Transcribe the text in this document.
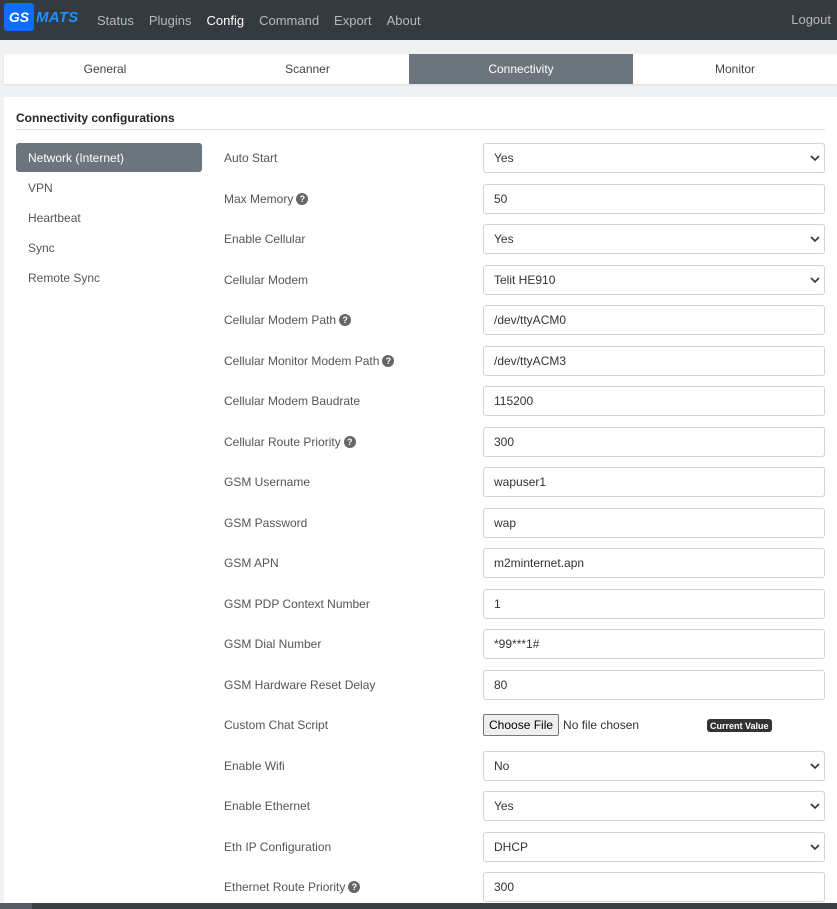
GS MATS Status Plugins Config Command Export About	Logout
General	Scanner	Connectivity	Monitor
Connectivity configurations
Network (Internet)
VPN
Heartbeat
Sync
Remote Sync
Auto Start	Yes
Max Memory ?	50
Enable Cellular	Yes
Cellular Modem	Telit HE910
Cellular Modem Path ?	/dev/ttyACM0
Cellular Monitor Modem Path ?	/dev/ttyACM3
Cellular Modem Baudrate	115200
Cellular Route Priority ?	300
GSM Username	wapuser1
GSM Password	wap
GSM APN	m2minternet.apn
GSM PDP Context Number	1
GSM Dial Number	*99***1#
GSM Hardware Reset Delay	80
Custom Chat Script	Choose File No file chosen	Current Value
Enable Wifi	No
Enable Ethernet	Yes
Eth IP Configuration	DHCP
Ethernet Route Priority ?	300
